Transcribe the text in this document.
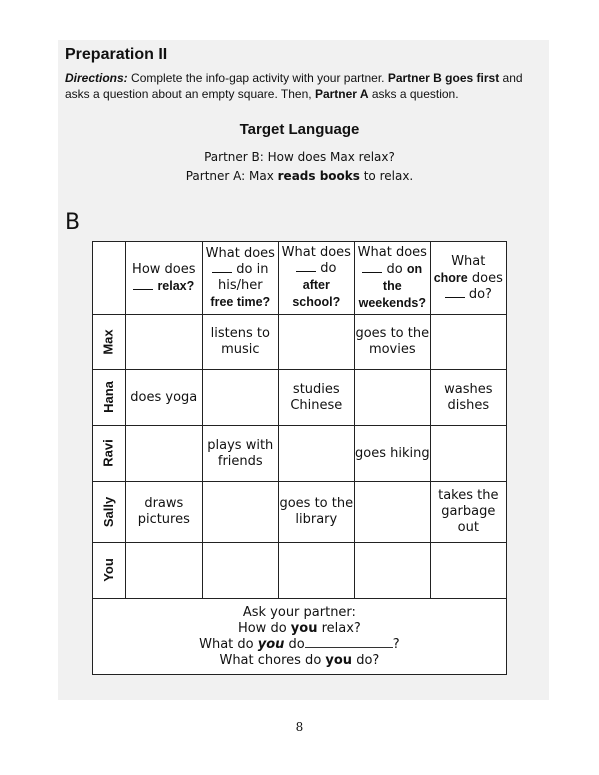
Preparation II
Directions: Complete the info-gap activity with your partner. Partner B goes first and asks a question about an empty square. Then, Partner A asks a question.
Target Language
Partner B: How does Max relax?
Partner A: Max reads books to relax.
B
	How does
relax?	What does
do in
his/her
free time?	What does
do
after
school?	What does
do on
the
weekends?	What
chore does
do?
Max		listens to music		goes to the movies	
Hana	does yoga		studies Chinese		washes dishes
Ravi		plays with friends		goes hiking	
Sally	draws pictures		goes to the library		takes the garbage out
You					
Ask your partner:
How do you relax?
What do you do ?
What chores do you do?					
8
